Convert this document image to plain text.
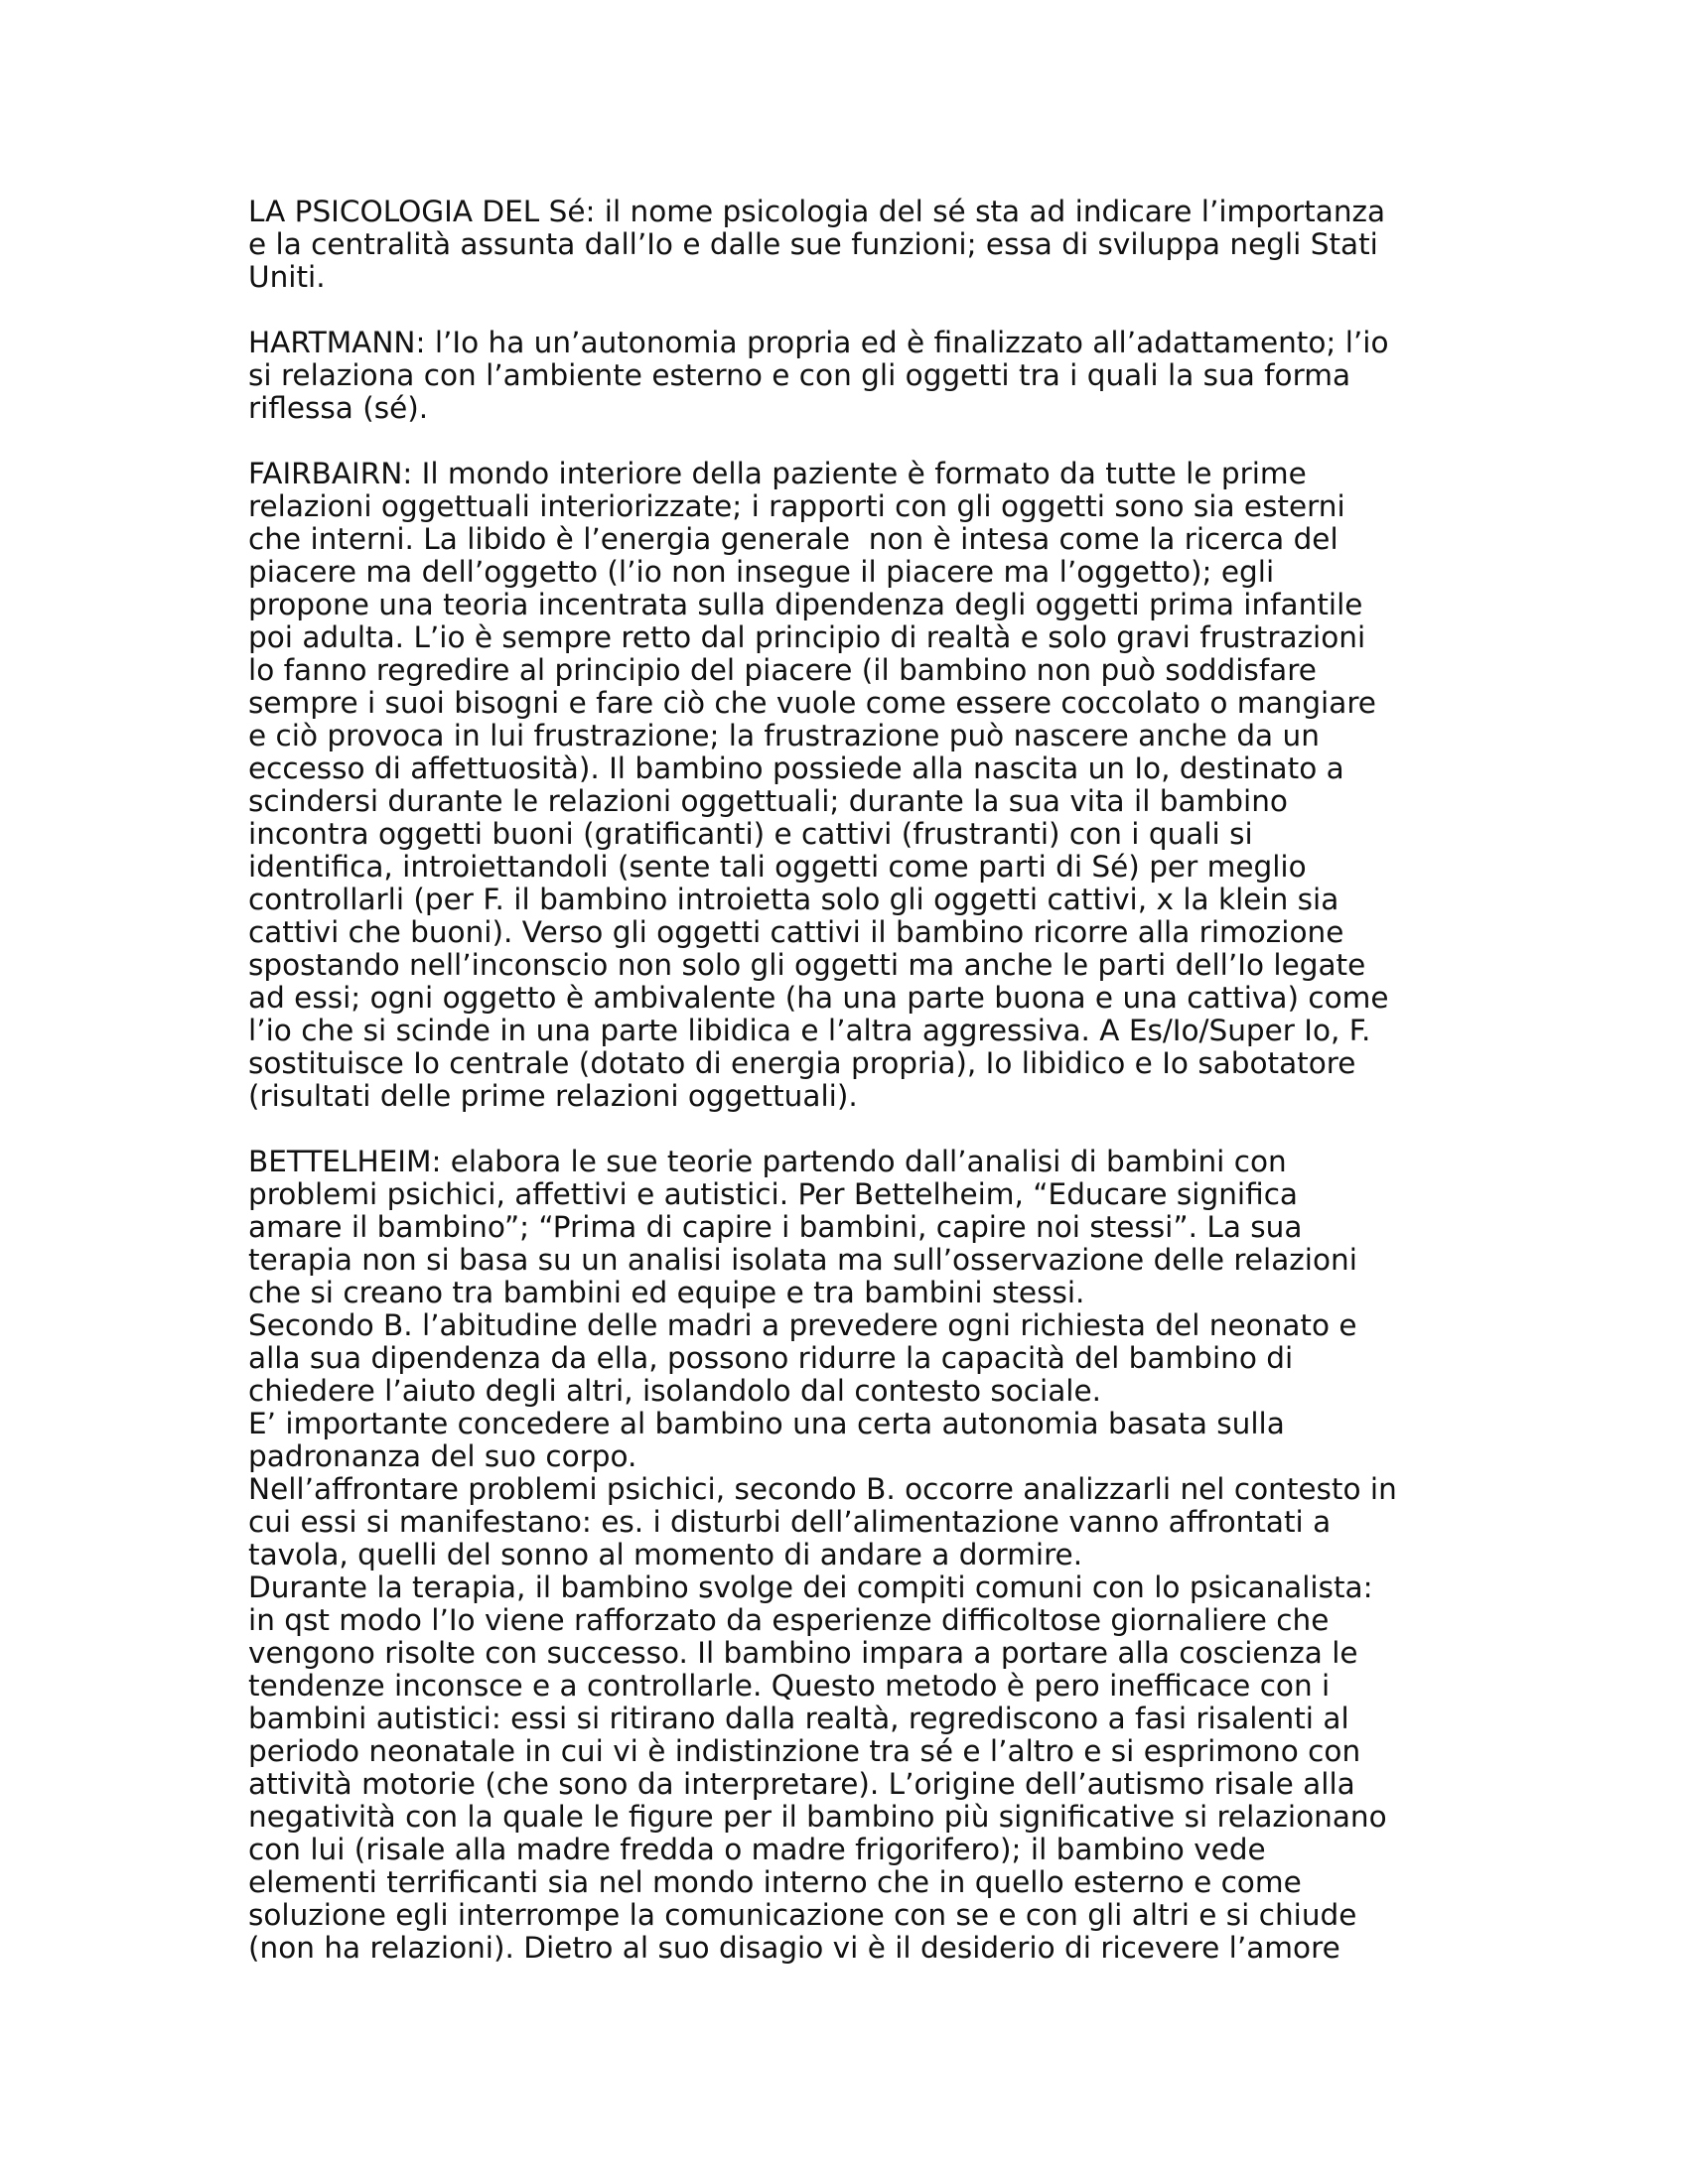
LA PSICOLOGIA DEL Sé: il nome psicologia del sé sta ad indicare l’importanza
e la centralità assunta dall’Io e dalle sue funzioni; essa di sviluppa negli Stati
Uniti.
HARTMANN: l’Io ha un’autonomia propria ed è finalizzato all’adattamento; l’io
si relaziona con l’ambiente esterno e con gli oggetti tra i quali la sua forma
riflessa (sé).
FAIRBAIRN: Il mondo interiore della paziente è formato da tutte le prime
relazioni oggettuali interiorizzate; i rapporti con gli oggetti sono sia esterni
che interni. La libido è l’energia generale  non è intesa come la ricerca del
piacere ma dell’oggetto (l’io non insegue il piacere ma l’oggetto); egli
propone una teoria incentrata sulla dipendenza degli oggetti prima infantile
poi adulta. L’io è sempre retto dal principio di realtà e solo gravi frustrazioni
lo fanno regredire al principio del piacere (il bambino non può soddisfare
sempre i suoi bisogni e fare ciò che vuole come essere coccolato o mangiare
e ciò provoca in lui frustrazione; la frustrazione può nascere anche da un
eccesso di affettuosità). Il bambino possiede alla nascita un Io, destinato a
scindersi durante le relazioni oggettuali; durante la sua vita il bambino
incontra oggetti buoni (gratificanti) e cattivi (frustranti) con i quali si
identifica, introiettandoli (sente tali oggetti come parti di Sé) per meglio
controllarli (per F. il bambino introietta solo gli oggetti cattivi, x la klein sia
cattivi che buoni). Verso gli oggetti cattivi il bambino ricorre alla rimozione
spostando nell’inconscio non solo gli oggetti ma anche le parti dell’Io legate
ad essi; ogni oggetto è ambivalente (ha una parte buona e una cattiva) come
l’io che si scinde in una parte libidica e l’altra aggressiva. A Es/Io/Super Io, F.
sostituisce Io centrale (dotato di energia propria), Io libidico e Io sabotatore
(risultati delle prime relazioni oggettuali).
BETTELHEIM: elabora le sue teorie partendo dall’analisi di bambini con
problemi psichici, affettivi e autistici. Per Bettelheim, “Educare significa
amare il bambino”; “Prima di capire i bambini, capire noi stessi”. La sua
terapia non si basa su un analisi isolata ma sull’osservazione delle relazioni
che si creano tra bambini ed equipe e tra bambini stessi.
Secondo B. l’abitudine delle madri a prevedere ogni richiesta del neonato e
alla sua dipendenza da ella, possono ridurre la capacità del bambino di
chiedere l’aiuto degli altri, isolandolo dal contesto sociale.
E’ importante concedere al bambino una certa autonomia basata sulla
padronanza del suo corpo.
Nell’affrontare problemi psichici, secondo B. occorre analizzarli nel contesto in
cui essi si manifestano: es. i disturbi dell’alimentazione vanno affrontati a
tavola, quelli del sonno al momento di andare a dormire.
Durante la terapia, il bambino svolge dei compiti comuni con lo psicanalista:
in qst modo l’Io viene rafforzato da esperienze difficoltose giornaliere che
vengono risolte con successo. Il bambino impara a portare alla coscienza le
tendenze inconsce e a controllarle. Questo metodo è pero inefficace con i
bambini autistici: essi si ritirano dalla realtà, regrediscono a fasi risalenti al
periodo neonatale in cui vi è indistinzione tra sé e l’altro e si esprimono con
attività motorie (che sono da interpretare). L’origine dell’autismo risale alla
negatività con la quale le figure per il bambino più significative si relazionano
con lui (risale alla madre fredda o madre frigorifero); il bambino vede
elementi terrificanti sia nel mondo interno che in quello esterno e come
soluzione egli interrompe la comunicazione con se e con gli altri e si chiude
(non ha relazioni). Dietro al suo disagio vi è il desiderio di ricevere l’amore
